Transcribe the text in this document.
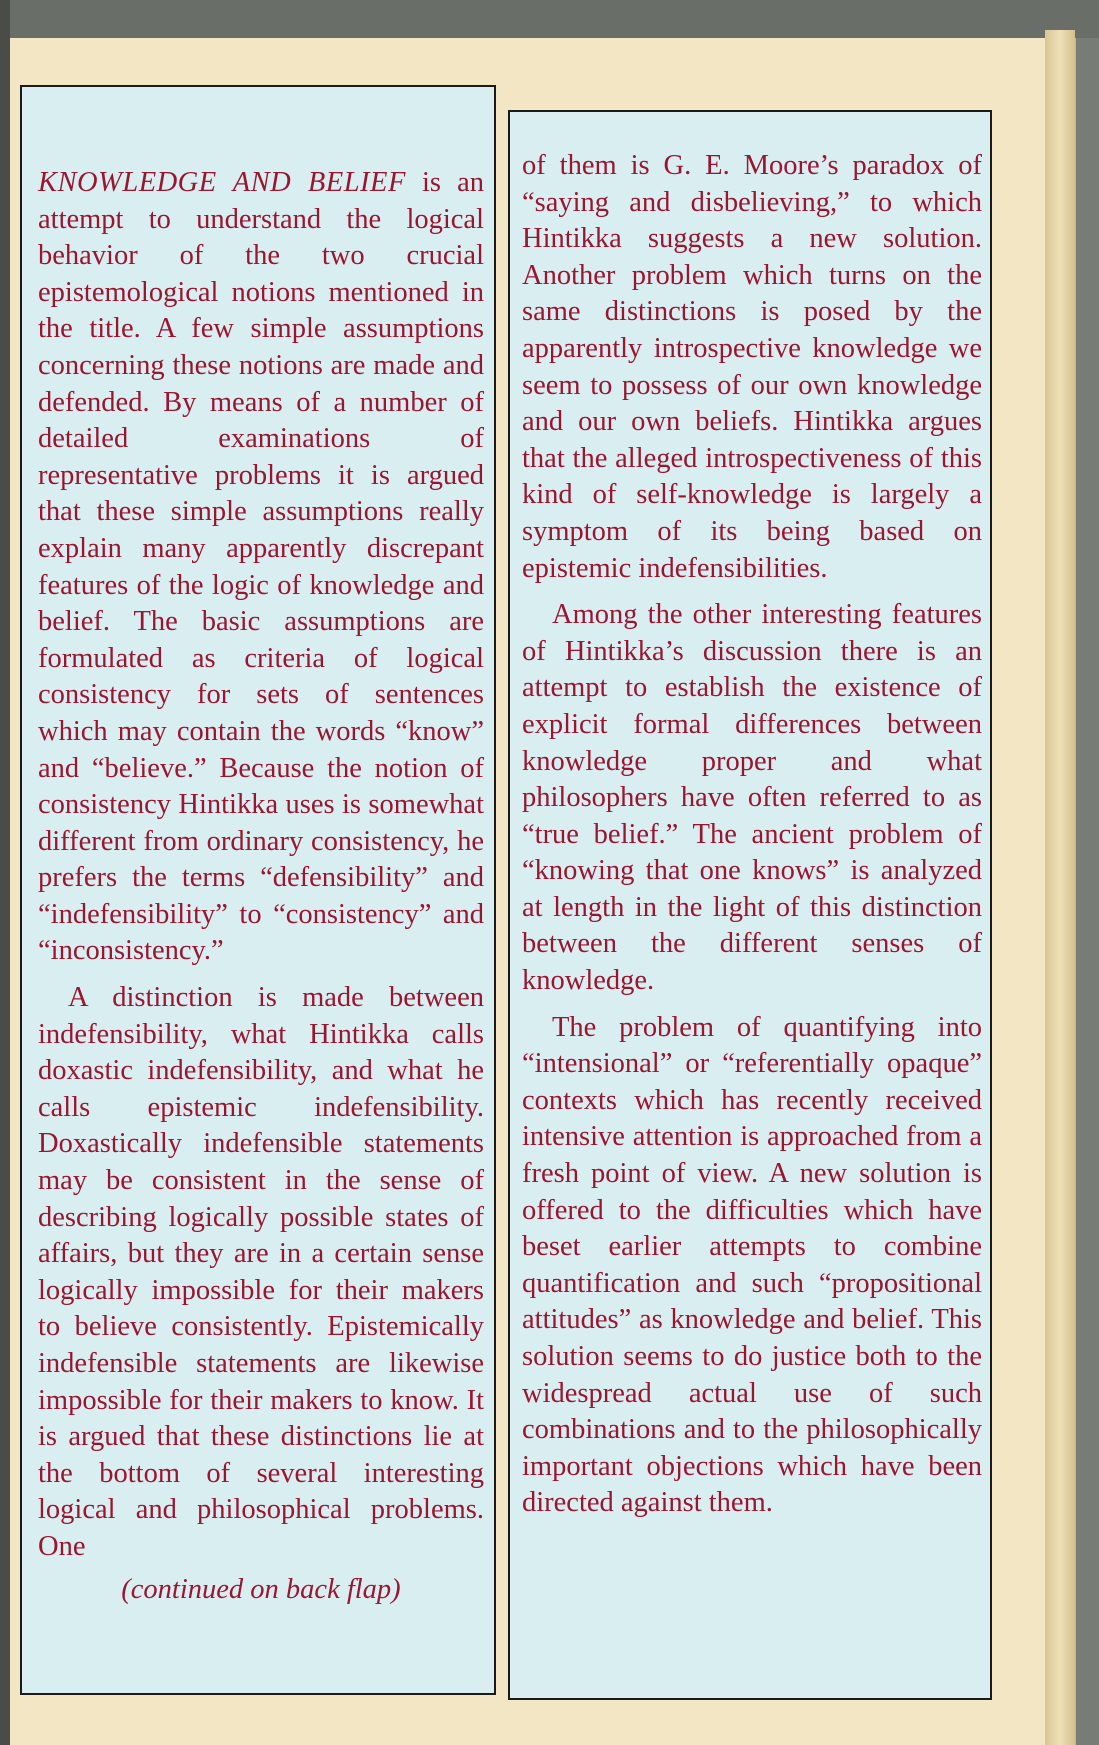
KNOWLEDGE AND BELIEF is an attempt to understand the logical behavior of the two crucial epistemological notions mentioned in the title. A few simple assumptions concerning these notions are made and defended. By means of a number of detailed examinations of representative problems it is argued that these simple assumptions really explain many apparently discrepant features of the logic of knowledge and belief. The basic assumptions are formulated as criteria of logical consistency for sets of sentences which may contain the words “know” and “believe.” Because the notion of consistency Hintikka uses is somewhat different from ordinary consistency, he prefers the terms “defensibility” and “indefensibility” to “consistency” and “inconsistency.”

A distinction is made between indefensibility, what Hintikka calls doxastic indefensibility, and what he calls epistemic indefensibility. Doxastically indefensible statements may be consistent in the sense of describing logically possible states of affairs, but they are in a certain sense logically impossible for their makers to believe consistently. Epistemically indefensible statements are likewise impossible for their makers to know. It is argued that these distinctions lie at the bottom of several interesting logical and philosophical problems. One

(continued on back flap)

of them is G. E. Moore’s paradox of “saying and disbelieving,” to which Hintikka suggests a new solution. Another problem which turns on the same distinctions is posed by the apparently introspective knowledge we seem to possess of our own knowledge and our own beliefs. Hintikka argues that the alleged introspectiveness of this kind of self-knowledge is largely a symptom of its being based on epistemic indefensibilities.

Among the other interesting features of Hintikka’s discussion there is an attempt to establish the existence of explicit formal differences between knowledge proper and what philosophers have often referred to as “true belief.” The ancient problem of “knowing that one knows” is analyzed at length in the light of this distinction between the different senses of knowledge.

The problem of quantifying into “intensional” or “referentially opaque” contexts which has recently received intensive attention is approached from a fresh point of view. A new solution is offered to the difficulties which have beset earlier attempts to combine quantification and such “propositional attitudes” as knowledge and belief. This solution seems to do justice both to the widespread actual use of such combinations and to the philosophically important objections which have been directed against them.
